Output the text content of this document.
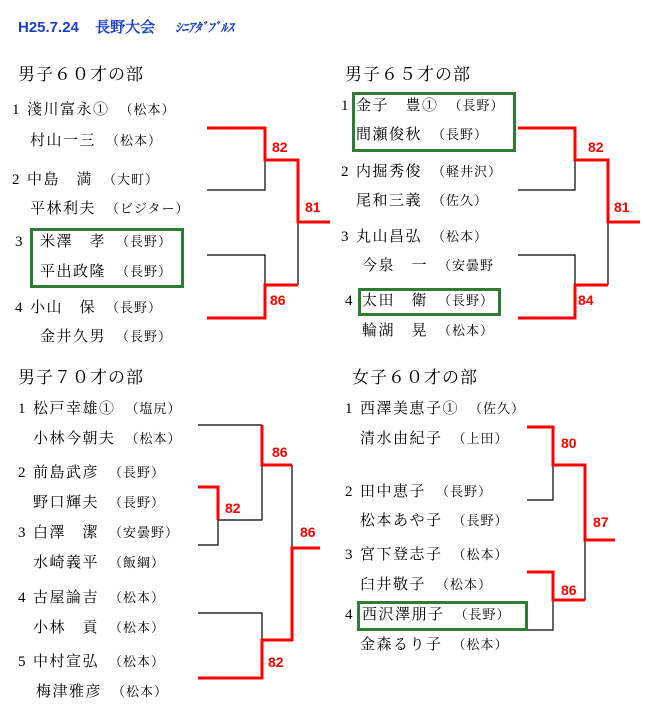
H25.7.24 長野大会 ｼﾆｱﾀﾞﾌﾞﾙｽ
男子６０才の部	男子６５才の部
男子７０才の部	女子６０才の部
1 淺川富永① （松本）
村山一三 （松本）
2 中島　満 （大町）
平林利夫 （ビジター）
3 米澤　孝 （長野）
平出政隆 （長野）
4 小山　保 （長野）
金井久男 （長野）
82
81
86
1 金子　豊① （長野）
間瀬俊秋 （長野）
2 内掘秀俊 （軽井沢）
尾和三義 （佐久）
3 丸山昌弘 （松本）
今泉　一 （安曇野
4 太田　衛 （長野）
輪湖　晃 （松本）
82
81
84
1 松戸幸雄① （塩尻）
小林今朝夫 （松本）
2 前島武彦 （長野）
野口輝夫 （長野）
3 白澤　潔 （安曇野）
水崎義平 （飯綱）
4 古屋論吉 （松本）
小林　貢 （松本）
5 中村宣弘 （松本）
梅津雅彦 （松本）
86
82
86
82
1 西澤美恵子① （佐久）
清水由紀子 （上田）
2 田中恵子 （長野）
松本あや子 （長野）
3 宮下登志子 （松本）
臼井敬子 （松本）
4 西沢澤朋子 （長野）
金森るり子 （松本）
80
87
86
